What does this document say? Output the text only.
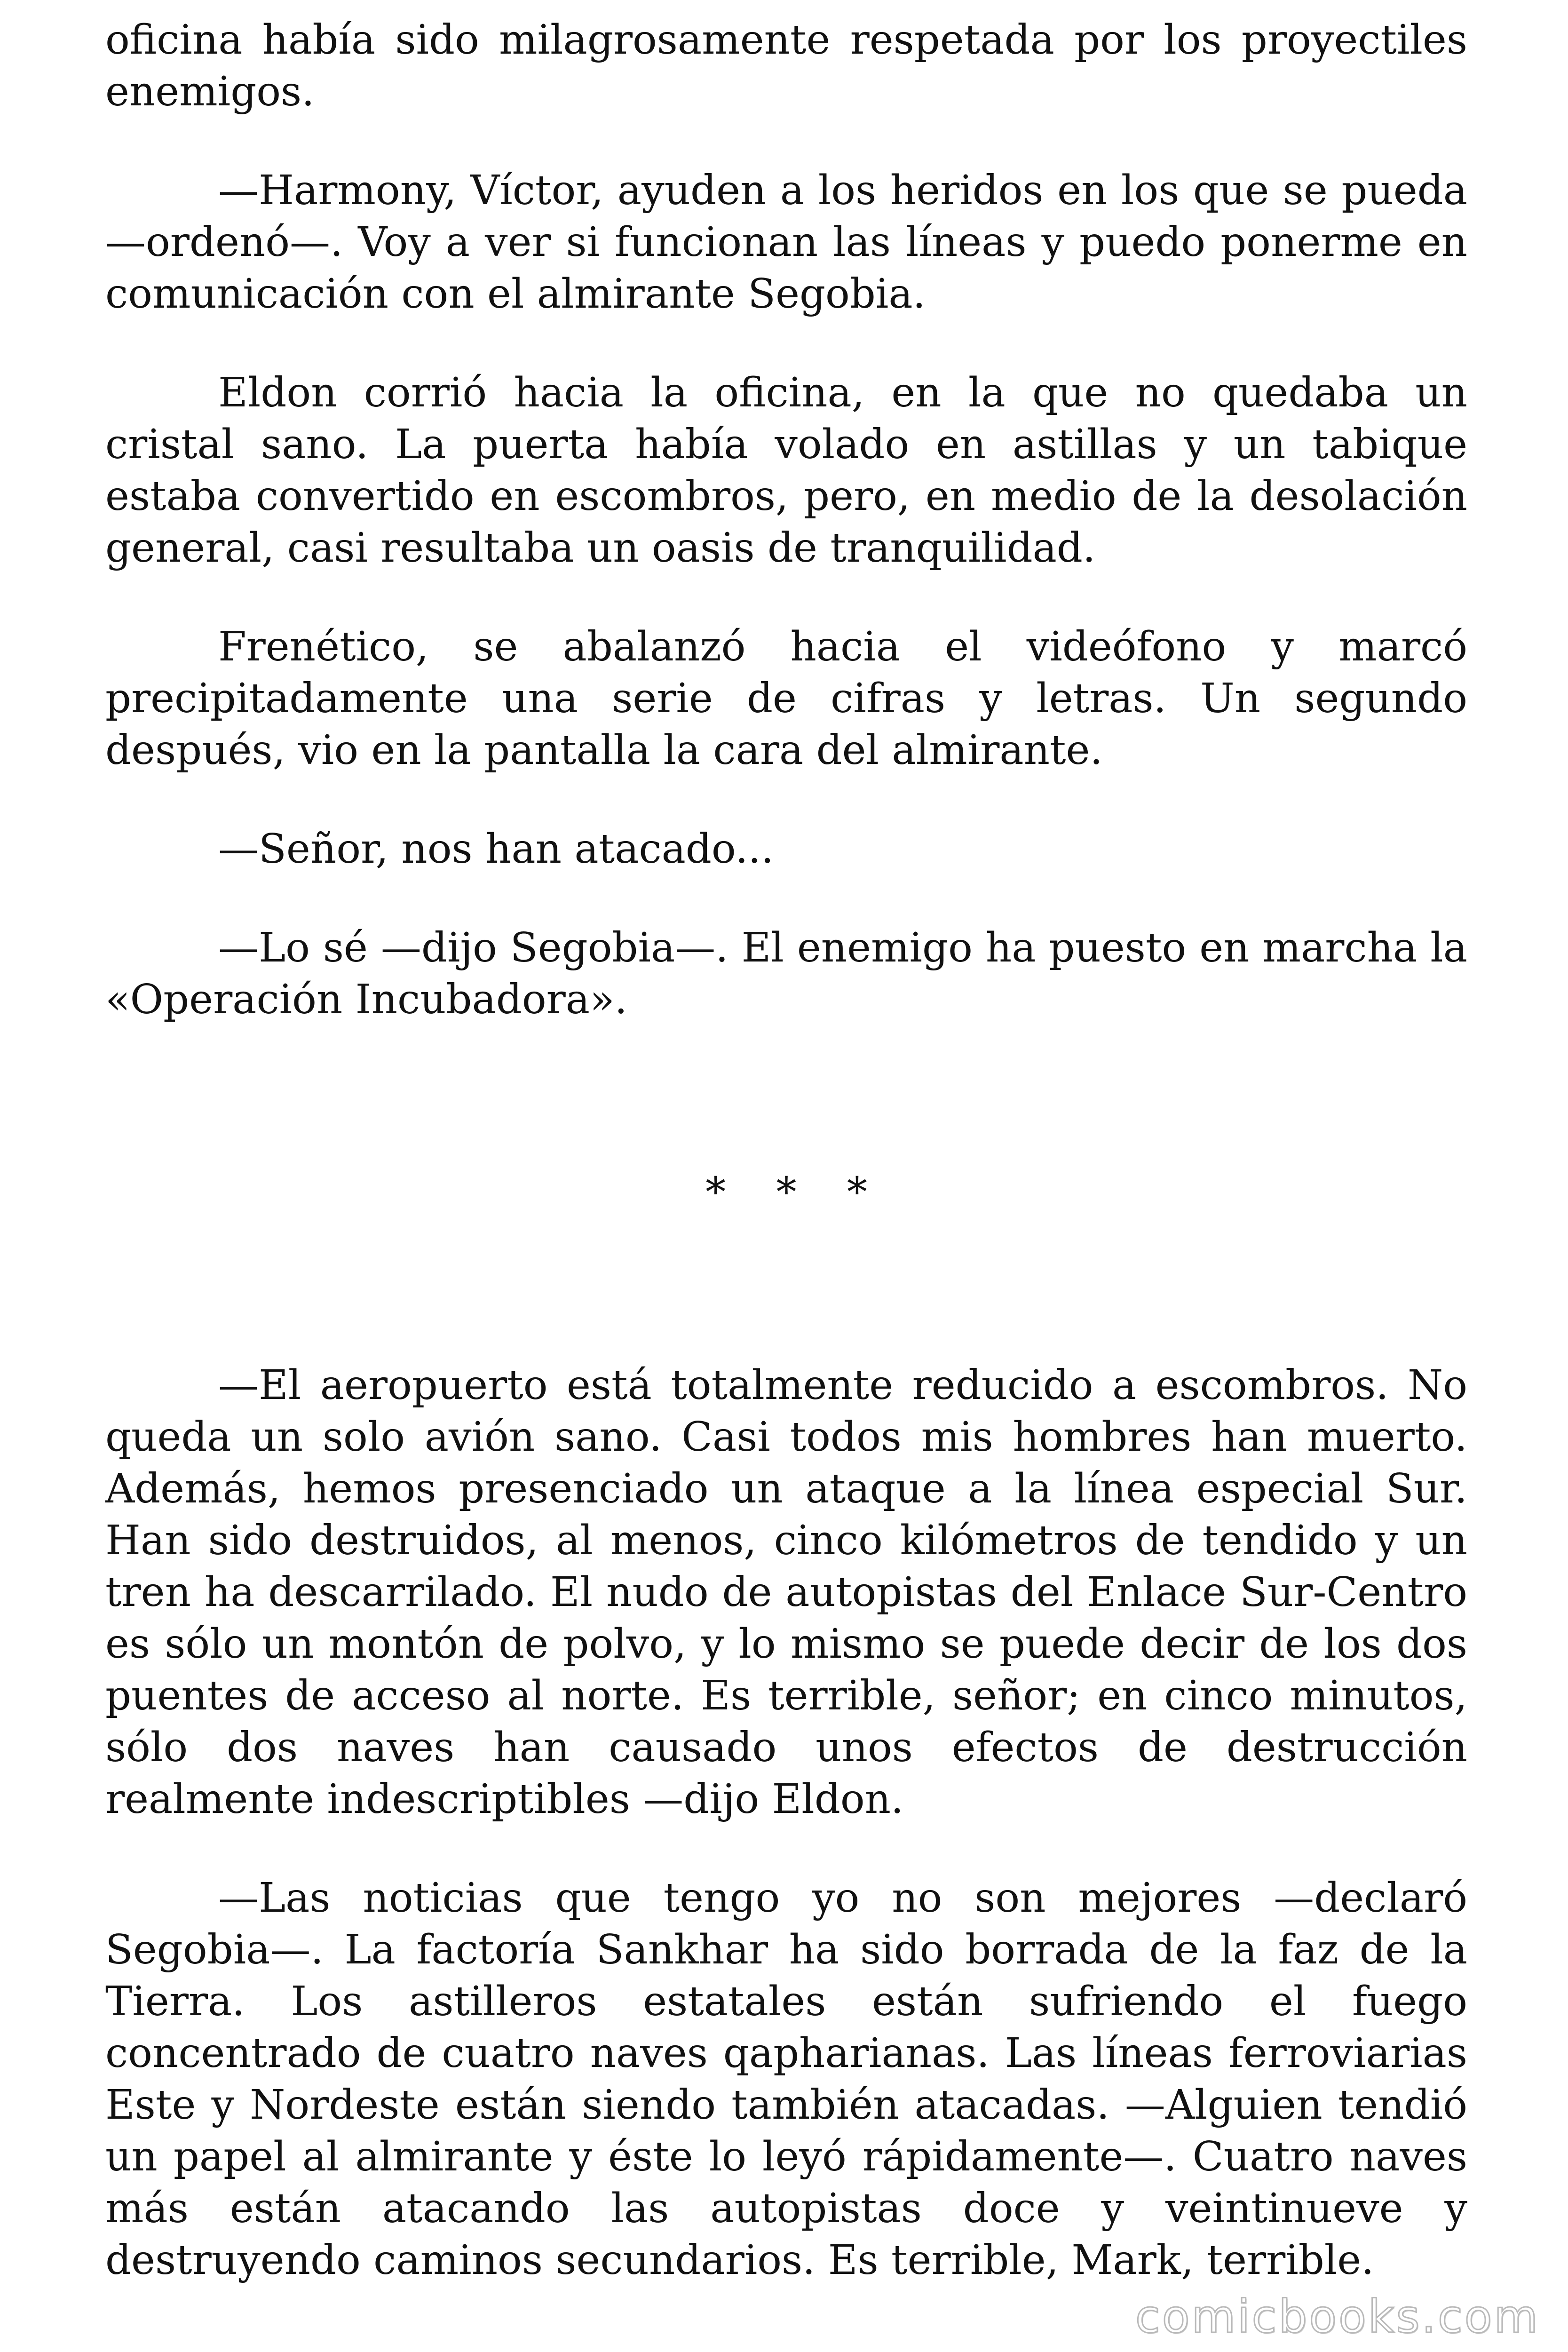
oficina había sido milagrosamente respetada por los proyectiles enemigos.

—Harmony, Víctor, ayuden a los heridos en los que se pueda —ordenó—. Voy a ver si funcionan las líneas y puedo ponerme en comunicación con el almirante Segobia.

Eldon corrió hacia la oficina, en la que no quedaba un cristal sano. La puerta había volado en astillas y un tabique estaba convertido en escombros, pero, en medio de la desolación general, casi resultaba un oasis de tranquilidad.

Frenético, se abalanzó hacia el videófono y marcó precipitadamente una serie de cifras y letras. Un segundo después, vio en la pantalla la cara del almirante.

—Señor, nos han atacado...

—Lo sé —dijo Segobia—. El enemigo ha puesto en marcha la «Operación Incubadora».

* * *

—El aeropuerto está totalmente reducido a escombros. No queda un solo avión sano. Casi todos mis hombres han muerto. Además, hemos presenciado un ataque a la línea especial Sur. Han sido destruidos, al menos, cinco kilómetros de tendido y un tren ha descarrilado. El nudo de autopistas del Enlace Sur-Centro es sólo un montón de polvo, y lo mismo se puede decir de los dos puentes de acceso al norte. Es terrible, señor; en cinco minutos, sólo dos naves han causado unos efectos de destrucción realmente indescriptibles —dijo Eldon.

—Las noticias que tengo yo no son mejores —declaró Segobia—. La factoría Sankhar ha sido borrada de la faz de la Tierra. Los astilleros estatales están sufriendo el fuego concentrado de cuatro naves qapharianas. Las líneas ferroviarias Este y Nordeste están siendo también atacadas. —Alguien tendió un papel al almirante y éste lo leyó rápidamente—. Cuatro naves más están atacando las autopistas doce y veintinueve y destruyendo caminos secundarios. Es terrible, Mark, terrible.

comicbooks.com
